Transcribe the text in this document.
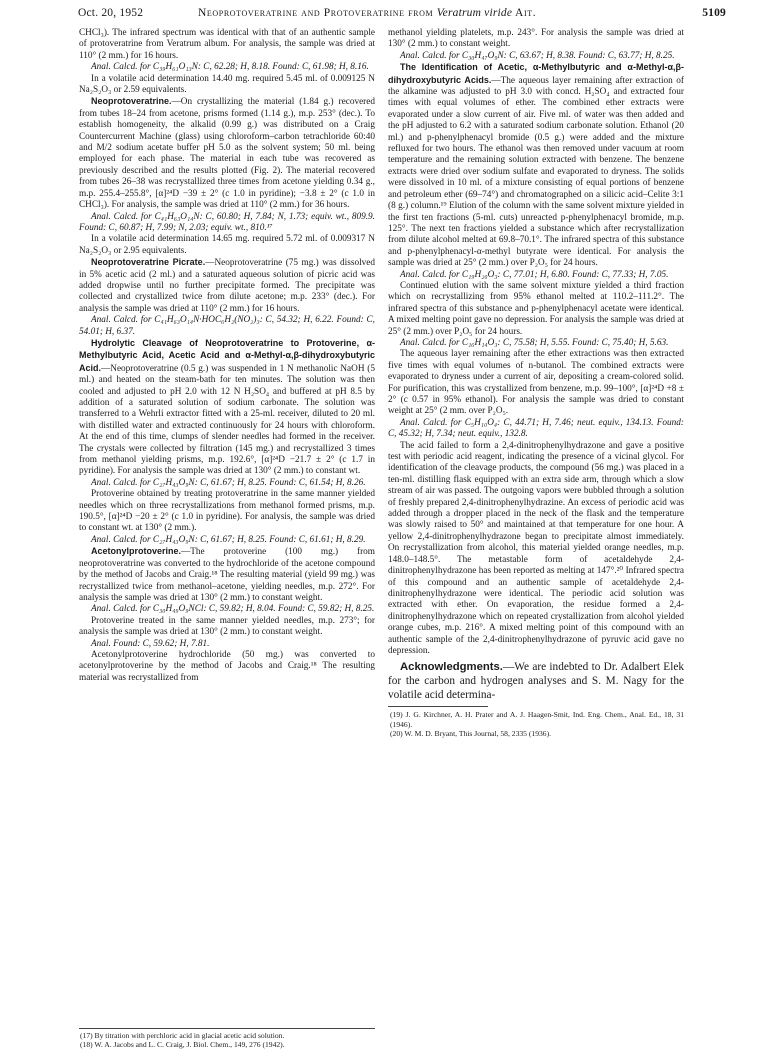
Oct. 20, 1952	Neoprotoveratrine and Protoveratrine from Veratrum viride Ait.	5109

CHCl₃). The infrared spectrum was identical with that of an authentic sample of protoveratrine from Veratrum album. For analysis, the sample was dried at 110° (2 mm.) for 16 hours.

Anal. Calcd. for C₃₉H₆₁O₁₃N: C, 62.28; H, 8.18. Found: C, 61.98; H, 8.16.

In a volatile acid determination 14.40 mg. required 5.45 ml. of 0.009125 N Na₂S₂O₃ or 2.59 equivalents.

Neoprotoveratrine.—On crystallizing the material (1.84 g.) recovered from tubes 18–24 from acetone, prisms formed (1.14 g.), m.p. 253° (dec.). To establish homogeneity, the alkalid (0.99 g.) was distributed on a Craig Countercurrent Machine (glass) using chloroform–carbon tetrachloride 60:40 and M/2 sodium acetate buffer pH 5.0 as the solvent system; 50 ml. being employed for each phase. The material in each tube was recovered as previously described and the results plotted (Fig. 2). The material recovered from tubes 26–38 was recrystallized three times from acetone yielding 0.34 g., m.p. 255.4–255.8°, [α]²⁴D −39 ± 2° (c 1.0 in pyridine); −3.8 ± 2° (c 1.0 in CHCl₃). For analysis, the sample was dried at 110° (2 mm.) for 36 hours.

Anal. Calcd. for C₄₁H₆₃O₁₄N: C, 60.80; H, 7.84; N, 1.73; equiv. wt., 809.9. Found: C, 60.87; H, 7.99; N, 2.03; equiv. wt., 810.¹⁷

In a volatile acid determination 14.65 mg. required 5.72 ml. of 0.009317 N Na₂S₂O₃ or 2.95 equivalents.

Neoprotoveratrine Picrate.—Neoprotoveratrine (75 mg.) was dissolved in 5% acetic acid (2 ml.) and a saturated aqueous solution of picric acid was added dropwise until no further precipitate formed. The precipitate was collected and crystallized twice from dilute acetone; m.p. 233° (dec.). For analysis the sample was dried at 110° (2 mm.) for 16 hours.

Anal. Calcd. for C₄₁H₆₃O₁₄N·HOC₆H₂(NO₂)₃: C, 54.32; H, 6.22. Found: C, 54.01; H, 6.37.

Hydrolytic Cleavage of Neoprotoveratrine to Protoverine, α-Methylbutyric Acid, Acetic Acid and α-Methyl-α,β-dihydroxybutyric Acid.—Neoprotoveratrine (0.5 g.) was suspended in 1 N methanolic NaOH (5 ml.) and heated on the steam-bath for ten minutes. The solution was then cooled and adjusted to pH 2.0 with 12 N H₂SO₄ and buffered at pH 8.5 by addition of a saturated solution of sodium carbonate. The solution was transferred to a Wehrli extractor fitted with a 25-ml. receiver, diluted to 20 ml. with distilled water and extracted continuously for 24 hours with chloroform. At the end of this time, clumps of slender needles had formed in the receiver. The crystals were collected by filtration (145 mg.) and recrystallized 3 times from methanol yielding prisms, m.p. 192.6°, [α]²⁴D −21.7 ± 2° (c 1.7 in pyridine). For analysis the sample was dried at 130° (2 mm.) to constant wt.

Anal. Calcd. for C₂₇H₄₃O₉N: C, 61.67; H, 8.25. Found: C, 61.54; H, 8.26.

Protoverine obtained by treating protoveratrine in the same manner yielded needles which on three recrystallizations from methanol formed prisms, m.p. 190.5°, [α]²⁴D −20 ± 2° (c 1.0 in pyridine). For analysis, the sample was dried to constant wt. at 130° (2 mm.).

Anal. Calcd. for C₂₇H₄₃O₉N: C, 61.67; H, 8.25. Found: C, 61.61; H, 8.29.

Acetonylprotoverine.—The protoverine (100 mg.) from neoprotoveratrine was converted to the hydrochloride of the acetone compound by the method of Jacobs and Craig.¹⁸ The resulting material (yield 99 mg.) was recrystallized twice from methanol–acetone, yielding needles, m.p. 272°. For analysis the sample was dried at 130° (2 mm.) to constant weight.

Anal. Calcd. for C₃₀H₄₉O₉NCl: C, 59.82; H, 8.04. Found: C, 59.82; H, 8.25.

Protoverine treated in the same manner yielded needles, m.p. 273°; for analysis the sample was dried at 130° (2 mm.) to constant weight.

Anal. Found: C, 59.62; H, 7.81.

Acetonylprotoverine hydrochloride (50 mg.) was converted to acetonylprotoverine by the method of Jacobs and Craig.¹⁸ The resulting material was recrystallized from

(17) By titration with perchloric acid in glacial acetic acid solution.
(18) W. A. Jacobs and L. C. Craig, J. Biol. Chem., 149, 276 (1942).

methanol yielding platelets, m.p. 243°. For analysis the sample was dried at 130° (2 mm.) to constant weight.

Anal. Calcd. for C₃₀H₄₇O₉N: C, 63.67; H, 8.38. Found: C, 63.77; H, 8.25.

The Identification of Acetic, α-Methylbutyric and α-Methyl-α,β-dihydroxybutyric Acids.—The aqueous layer remaining after extraction of the alkamine was adjusted to pH 3.0 with concd. H₂SO₄ and extracted four times with equal volumes of ether. The combined ether extracts were evaporated under a slow current of air. Five ml. of water was then added and the pH adjusted to 6.2 with a saturated sodium carbonate solution. Ethanol (20 ml.) and p-phenylphenacyl bromide (0.5 g.) were added and the mixture refluxed for two hours. The ethanol was then removed under vacuum at room temperature and the remaining solution extracted with benzene. The benzene extracts were dried over sodium sulfate and evaporated to dryness. The solids were dissolved in 10 ml. of a mixture consisting of equal portions of benzene and petroleum ether (69–74°) and chromatographed on a silicic acid–Celite 3:1 (8 g.) column.¹⁹ Elution of the column with the same solvent mixture yielded in the first ten fractions (5-ml. cuts) unreacted p-phenylphenacyl bromide, m.p. 125°. The next ten fractions yielded a substance which after recrystallization from dilute alcohol melted at 69.8–70.1°. The infrared spectra of this substance and p-phenylphenacyl-α-methyl butyrate were identical. For analysis the sample was dried at 25° (2 mm.) over P₂O₅ for 24 hours.

Anal. Calcd. for C₁₉H₂₀O₃: C, 77.01; H, 6.80. Found: C, 77.33; H, 7.05.

Continued elution with the same solvent mixture yielded a third fraction which on recrystallizing from 95% ethanol melted at 110.2–111.2°. The infrared spectra of this substance and p-phenylphenacyl acetate were identical. A mixed melting point gave no depression. For analysis the sample was dried at 25° (2 mm.) over P₂O₅ for 24 hours.

Anal. Calcd. for C₁₆H₁₄O₃: C, 75.58; H, 5.55. Found: C, 75.40; H, 5.63.

The aqueous layer remaining after the ether extractions was then extracted five times with equal volumes of n-butanol. The combined extracts were evaporated to dryness under a current of air, depositing a cream-colored solid. For purification, this was crystallized from benzene, m.p. 99–100°, [α]²⁴D +8 ± 2° (c 0.57 in 95% ethanol). For analysis the sample was dried to constant weight at 25° (2 mm. over P₂O₅.

Anal. Calcd. for C₅H₁₀O₄: C, 44.71; H, 7.46; neut. equiv., 134.13. Found: C, 45.32; H, 7.34; neut. equiv., 132.8.

The acid failed to form a 2,4-dinitrophenylhydrazone and gave a positive test with periodic acid reagent, indicating the presence of a vicinal glycol. For identification of the cleavage products, the compound (56 mg.) was placed in a ten-ml. distilling flask equipped with an extra side arm, through which a slow stream of air was passed. The outgoing vapors were bubbled through a solution of freshly prepared 2,4-dinitrophenylhydrazine. An excess of periodic acid was added through a dropper placed in the neck of the flask and the temperature was slowly raised to 50° and maintained at that temperature for one hour. A yellow 2,4-dinitrophenylhydrazone began to precipitate almost immediately. On recrystallization from alcohol, this material yielded orange needles, m.p. 148.0–148.5°. The metastable form of acetaldehyde 2,4-dinitrophenylhydrazone has been reported as melting at 147°.²⁰ Infrared spectra of this compound and an authentic sample of acetaldehyde 2,4-dinitrophenylhydrazone were identical. The periodic acid solution was extracted with ether. On evaporation, the residue formed a 2,4-dinitrophenylhydrazone which on repeated crystallization from alcohol yielded orange cubes, m.p. 216°. A mixed melting point of this compound with an authentic sample of the 2,4-dinitrophenylhydrazone of pyruvic acid gave no depression.

Acknowledgments.—We are indebted to Dr. Adalbert Elek for the carbon and hydrogen analyses and S. M. Nagy for the volatile acid determina-

(19) J. G. Kirchner, A. H. Prater and A. J. Haagen-Smit, Ind. Eng. Chem., Anal. Ed., 18, 31 (1946).

(20) W. M. D. Bryant, This Journal, 58, 2335 (1936).
